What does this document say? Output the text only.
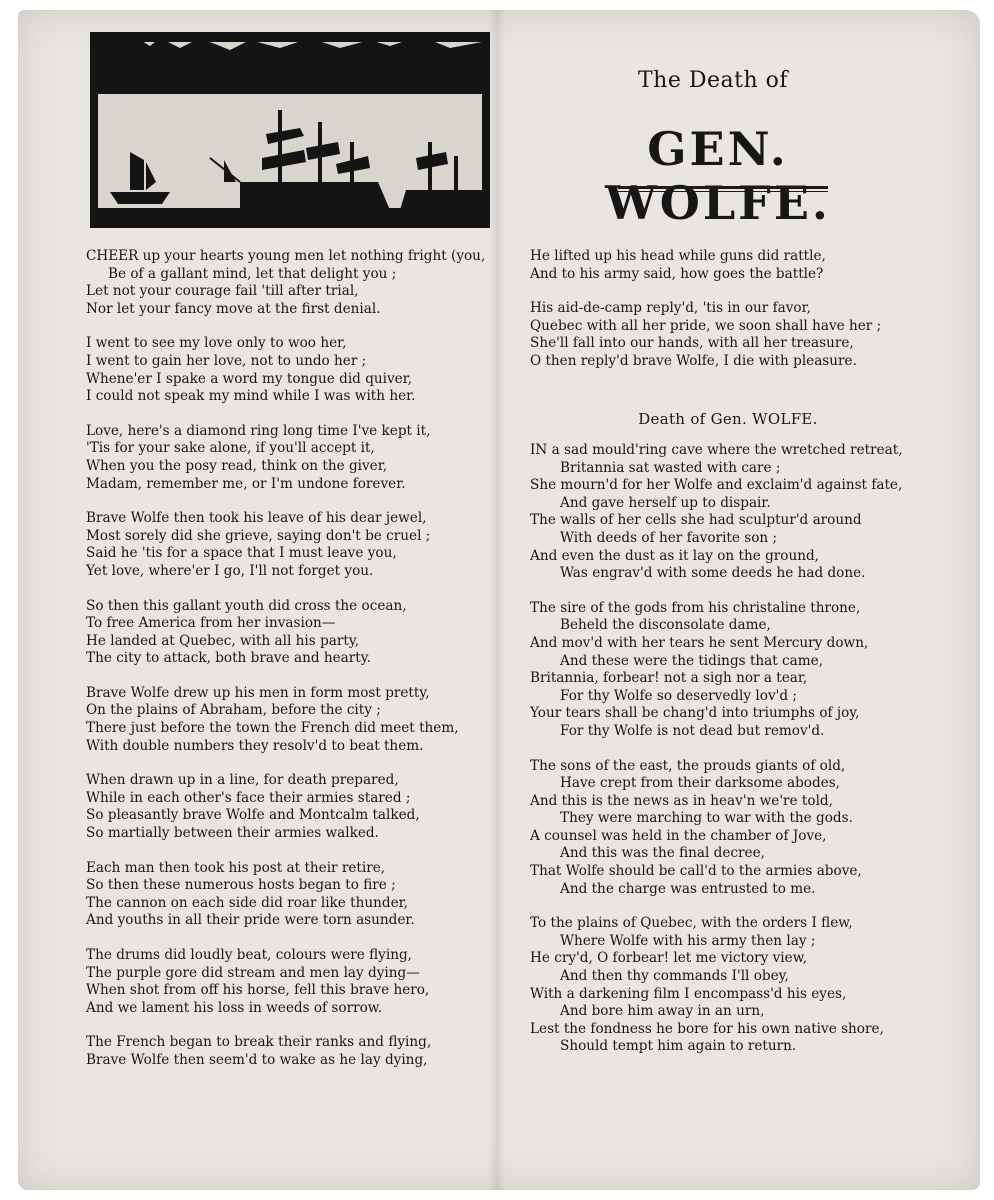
The Death of
GEN. WOLFE.
CHEER up your hearts young men let nothing fright (you,
Be of a gallant mind, let that delight you ;
Let not your courage fail 'till after trial,
Nor let your fancy move at the first denial.
I went to see my love only to woo her,
I went to gain her love, not to undo her ;
Whene'er I spake a word my tongue did quiver,
I could not speak my mind while I was with her.
Love, here's a diamond ring long time I've kept it,
'Tis for your sake alone, if you'll accept it,
When you the posy read, think on the giver,
Madam, remember me, or I'm undone forever.
Brave Wolfe then took his leave of his dear jewel,
Most sorely did she grieve, saying don't be cruel ;
Said he 'tis for a space that I must leave you,
Yet love, where'er I go, I'll not forget you.
So then this gallant youth did cross the ocean,
To free America from her invasion—
He landed at Quebec, with all his party,
The city to attack, both brave and hearty.
Brave Wolfe drew up his men in form most pretty,
On the plains of Abraham, before the city ;
There just before the town the French did meet them,
With double numbers they resolv'd to beat them.
When drawn up in a line, for death prepared,
While in each other's face their armies stared ;
So pleasantly brave Wolfe and Montcalm talked,
So martially between their armies walked.
Each man then took his post at their retire,
So then these numerous hosts began to fire ;
The cannon on each side did roar like thunder,
And youths in all their pride were torn asunder.
The drums did loudly beat, colours were flying,
The purple gore did stream and men lay dying—
When shot from off his horse, fell this brave hero,
And we lament his loss in weeds of sorrow.
The French began to break their ranks and flying,
Brave Wolfe then seem'd to wake as he lay dying,
He lifted up his head while guns did rattle,
And to his army said, how goes the battle?
His aid-de-camp reply'd, 'tis in our favor,
Quebec with all her pride, we soon shall have her ;
She'll fall into our hands, with all her treasure,
O then reply'd brave Wolfe, I die with pleasure.
Death of Gen. WOLFE.
IN a sad mould'ring cave where the wretched retreat,
Britannia sat wasted with care ;
She mourn'd for her Wolfe and exclaim'd against fate,
And gave herself up to dispair.
The walls of her cells she had sculptur'd around
With deeds of her favorite son ;
And even the dust as it lay on the ground,
Was engrav'd with some deeds he had done.
The sire of the gods from his christaline throne,
Beheld the disconsolate dame,
And mov'd with her tears he sent Mercury down,
And these were the tidings that came,
Britannia, forbear! not a sigh nor a tear,
For thy Wolfe so deservedly lov'd ;
Your tears shall be chang'd into triumphs of joy,
For thy Wolfe is not dead but remov'd.
The sons of the east, the prouds giants of old,
Have crept from their darksome abodes,
And this is the news as in heav'n we're told,
They were marching to war with the gods.
A counsel was held in the chamber of Jove,
And this was the final decree,
That Wolfe should be call'd to the armies above,
And the charge was entrusted to me.
To the plains of Quebec, with the orders I flew,
Where Wolfe with his army then lay ;
He cry'd, O forbear! let me victory view,
And then thy commands I'll obey,
With a darkening film I encompass'd his eyes,
And bore him away in an urn,
Lest the fondness he bore for his own native shore,
Should tempt him again to return.
